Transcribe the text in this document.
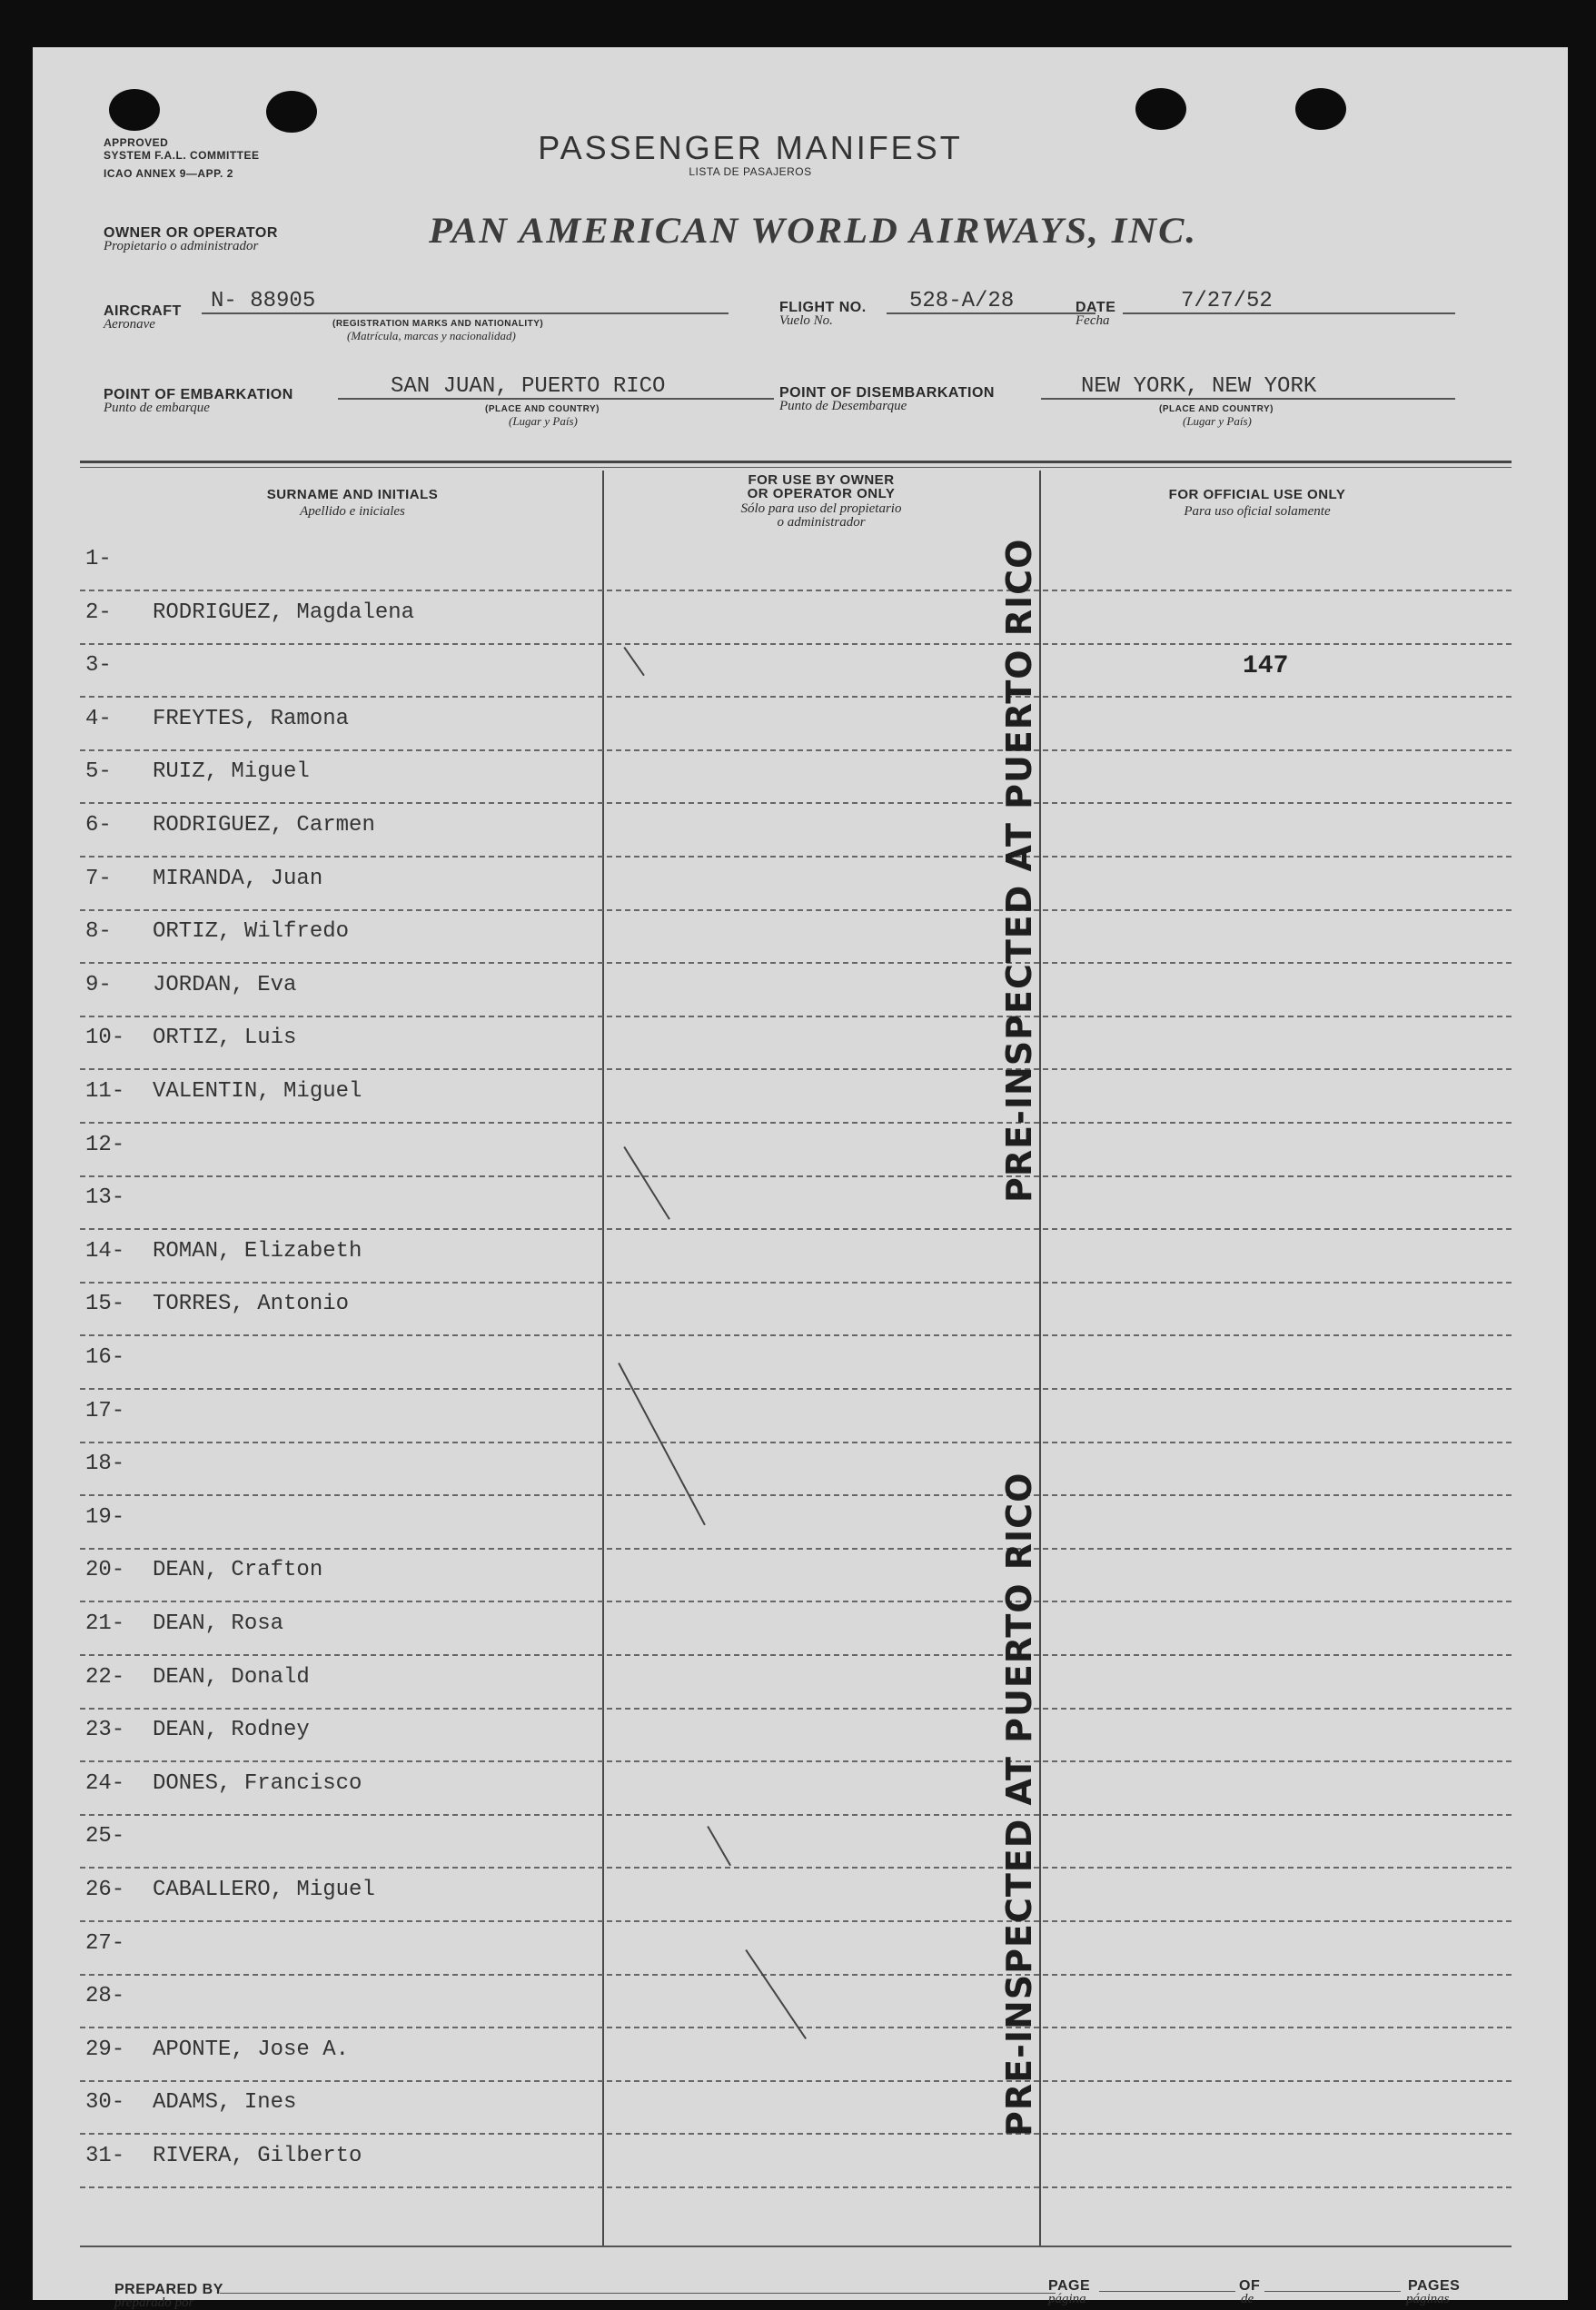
APPROVED
SYSTEM F.A.L. COMMITTEE
ICAO ANNEX 9—APP. 2
PASSENGER MANIFEST
LISTA DE PASAJEROS
OWNER OR OPERATOR
Propietario o administrador	PAN AMERICAN WORLD AIRWAYS, INC.
AIRCRAFT
Aeronave
N- 88905
(REGISTRATION MARKS AND NATIONALITY)
(Matrícula, marcas y nacionalidad)
FLIGHT NO.
Vuelo No.
528-A/28	DATE
Fecha
7/27/52
POINT OF EMBARKATION
Punto de embarque
SAN JUAN, PUERTO RICO
(PLACE AND COUNTRY)
(Lugar y País)
POINT OF DISEMBARKATION
Punto de Desembarque
NEW YORK, NEW YORK
(PLACE AND COUNTRY)
(Lugar y País)
SURNAME AND INITIALS
Apellido e iniciales
FOR USE BY OWNER
OR OPERATOR ONLY
Sólo para uso del propietario
o administrador
FOR OFFICIAL USE ONLY
Para uso oficial solamente
1-
2- RODRIGUEZ, Magdalena
3-
4- FREYTES, Ramona
5- RUIZ, Miguel
6- RODRIGUEZ, Carmen
7- MIRANDA, Juan
8- ORTIZ, Wilfredo
9- JORDAN, Eva
10- ORTIZ, Luis
11- VALENTIN, Miguel
12-
13-
14- ROMAN, Elizabeth
15- TORRES, Antonio
16-
17-
18-
19-
20- DEAN, Crafton
21- DEAN, Rosa
22- DEAN, Donald
23- DEAN, Rodney
24- DONES, Francisco
25-
26- CABALLERO, Miguel
27-
28-
29- APONTE, Jose A.
30- ADAMS, Ines
31- RIVERA, Gilberto
147
PRE-INSPECTED AT PUERTO RICO
PRE-INSPECTED AT PUERTO RICO
PREPARED BY
preparado por
PAGE
página
OF
de
PAGES
páginas
